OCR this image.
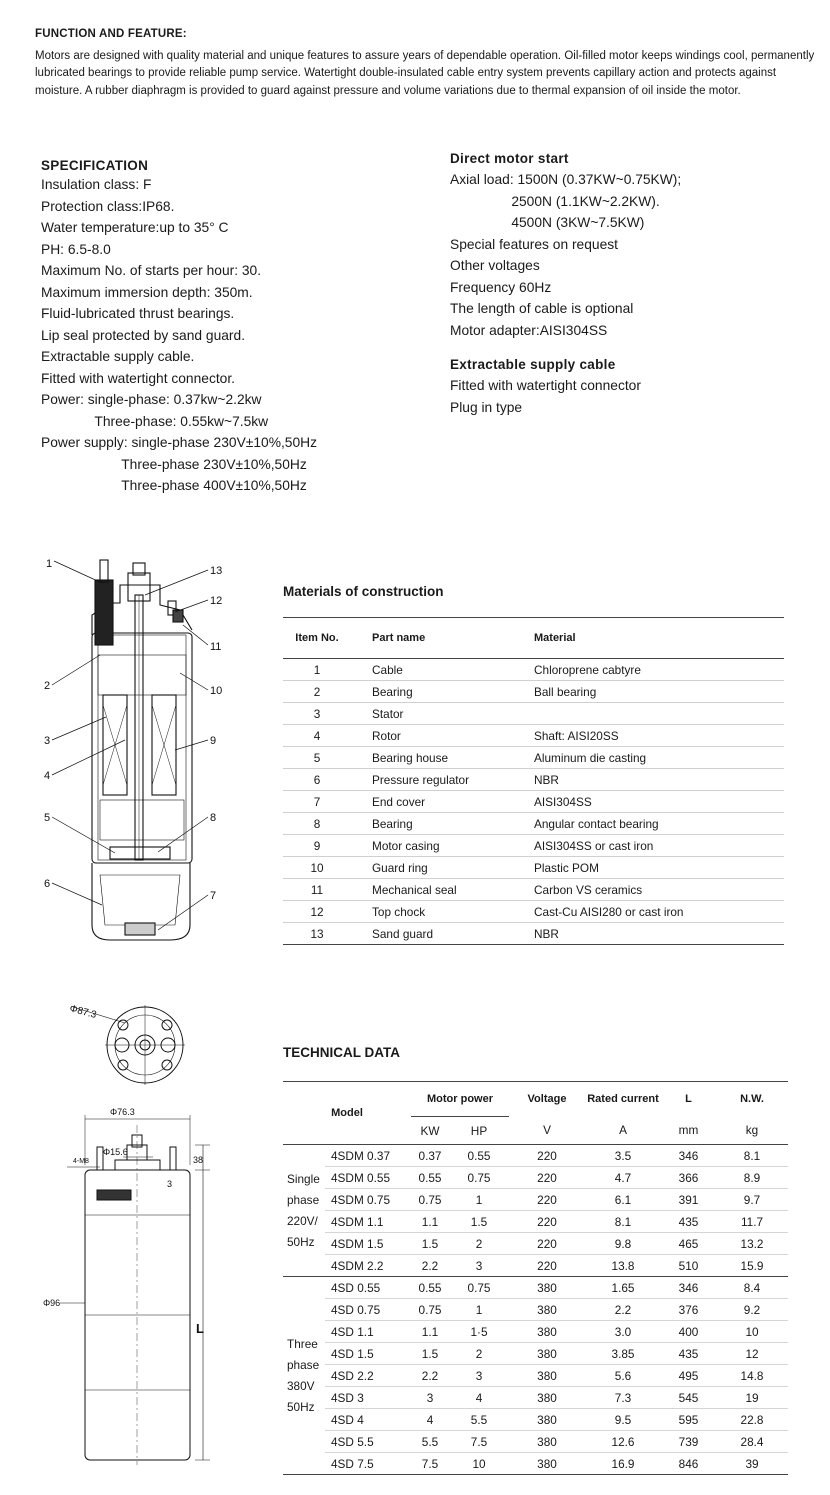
FUNCTION AND FEATURE:
Motors are designed with quality material and unique features to assure years of dependable operation. Oil-filled motor keeps windings cool, permanently lubricated bearings to provide reliable pump service. Watertight double-insulated cable entry system prevents capillary action and protects against moisture. A rubber diaphragm is provided to guard against pressure and volume variations due to thermal expansion of oil inside the motor.
SPECIFICATION
Insulation class: F
Protection class:IP68.
Water temperature:up to 35° C
PH: 6.5-8.0
Maximum No. of starts per hour: 30.
Maximum immersion depth: 350m.
Fluid-lubricated thrust bearings.
Lip seal protected by sand guard.
Extractable supply cable.
Fitted with watertight connector.
Power: single-phase: 0.37kw~2.2kw
Three-phase: 0.55kw~7.5kw
Power supply: single-phase 230V±10%,50Hz
Three-phase 230V±10%,50Hz
Three-phase 400V±10%,50Hz
Direct motor start
Axial load: 1500N (0.37KW~0.75KW);
2500N (1.1KW~2.2KW).
4500N (3KW~7.5KW)
Special features on request
Other voltages
Frequency 60Hz
The length of cable is optional
Motor adapter:AISI304SS
Extractable supply cable
Fitted with watertight connector
Plug in type
1
13
12
11
2	10
3	9
4
5	8
6
7
Φ87.3
Φ76.3
Φ15.6
4-M8	38
3
Φ96
L
Materials of construction
Item No.	Part name	Material
1	Cable	Chloroprene cabtyre
2	Bearing	Ball bearing
3	Stator	
4	Rotor	Shaft: AISI20SS
5	Bearing house	Aluminum die casting
6	Pressure regulator	NBR
7	End cover	AISI304SS
8	Bearing	Angular contact bearing
9	Motor casing	AISI304SS or cast iron
10	Guard ring	Plastic POM
11	Mechanical seal	Carbon VS ceramics
12	Top chock	Cast-Cu AISI280 or cast iron
13	Sand guard	NBR
TECHNICAL DATA
Model		Motor power		Voltage	Rated current	L	N.W.
		KW	HP	V	A	mm	kg

Single
phase
220V/
50Hz	4SDM 0.37	0.37	0.55	220	3.5	346	8.1
	4SDM 0.55	0.55	0.75	220	4.7	366	8.9
	4SDM 0.75	0.75	1	220	6.1	391	9.7
	4SDM 1.1	1.1	1.5	220	8.1	435	11.7
	4SDM 1.5	1.5	2	220	9.8	465	13.2
	4SDM 2.2	2.2	3	220	13.8	510	15.9

Three
phase
380V
50Hz	4SD 0.55	0.55	0.75	380	1.65	346	8.4
	4SD 0.75	0.75	1	380	2.2	376	9.2
	4SD 1.1	1.1	1·5	380	3.0	400	10
	4SD 1.5	1.5	2	380	3.85	435	12
	4SD 2.2	2.2	3	380	5.6	495	14.8
	4SD 3	3	4	380	7.3	545	19
	4SD 4	4	5.5	380	9.5	595	22.8
	4SD 5.5	5.5	7.5	380	12.6	739	28.4
	4SD 7.5	7.5	10	380	16.9	846	39
